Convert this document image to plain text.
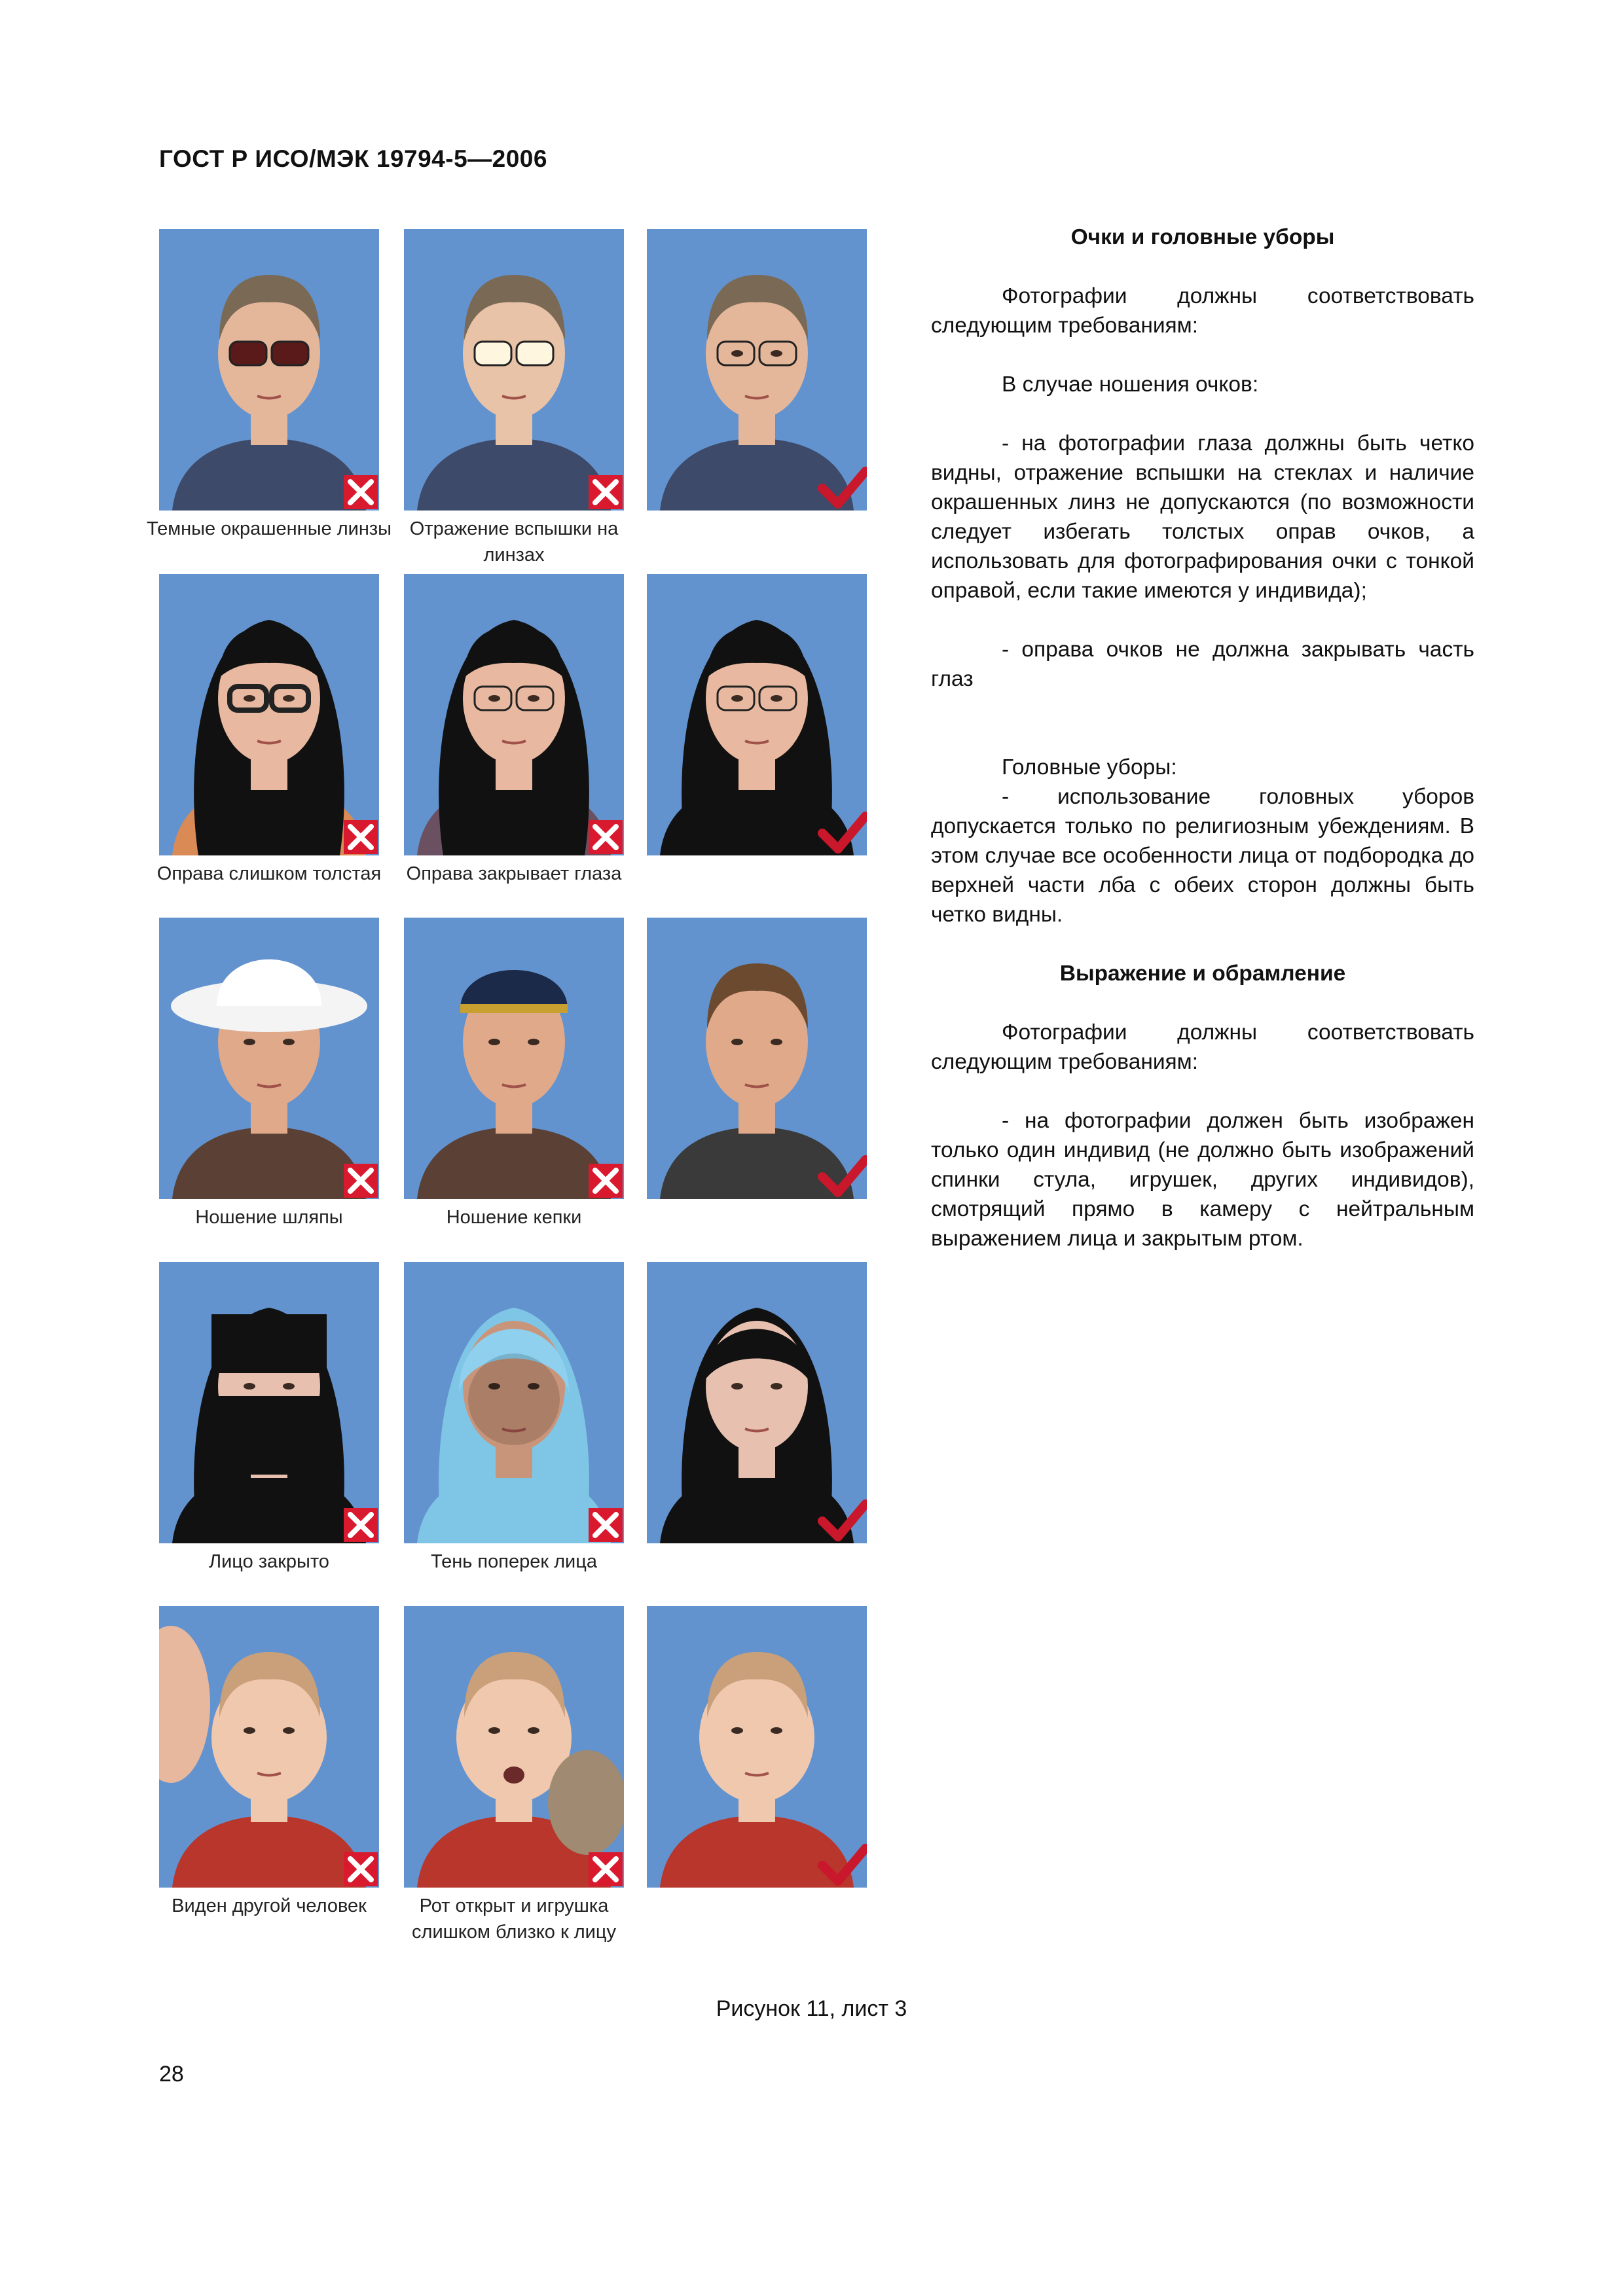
ГОСТ Р ИСО/МЭК 19794-5—2006
Темные окрашенные линзы Отражение вспышки на линзах
Оправа слишком толстая	Оправа закрывает глаза
Ношение шляпы	Ношение кепки
Лицо закрыто	Тень поперек лица
Виден другой человек	Рот открыт и игрушка слишком близко к лицу

Очки и головные уборы

Фотографии должны соответствовать следующим требованиям:

В случае ношения очков:

- на фотографии глаза должны быть четко видны, отражение вспышки на стеклах и наличие окрашенных линз не допускаются (по возможности следует избегать толстых оправ очков, а использовать для фотографирования очки с тонкой оправой, если такие имеются у индивида);

- оправа очков не должна закрывать часть глаз

Головные уборы:

- использование головных уборов допускается только по религиозным убеждениям. В этом случае все особенности лица от подбородка до верхней части лба с обеих сторон должны быть четко видны.

Выражение и обрамление

Фотографии должны соответствовать следующим требованиям:

- на фотографии должен быть изображен только один индивид (не должно быть изображений спинки стула, игрушек, других индивидов), смотрящий прямо в камеру с нейтральным выражением лица и закрытым ртом.

Рисунок 11, лист 3
28
